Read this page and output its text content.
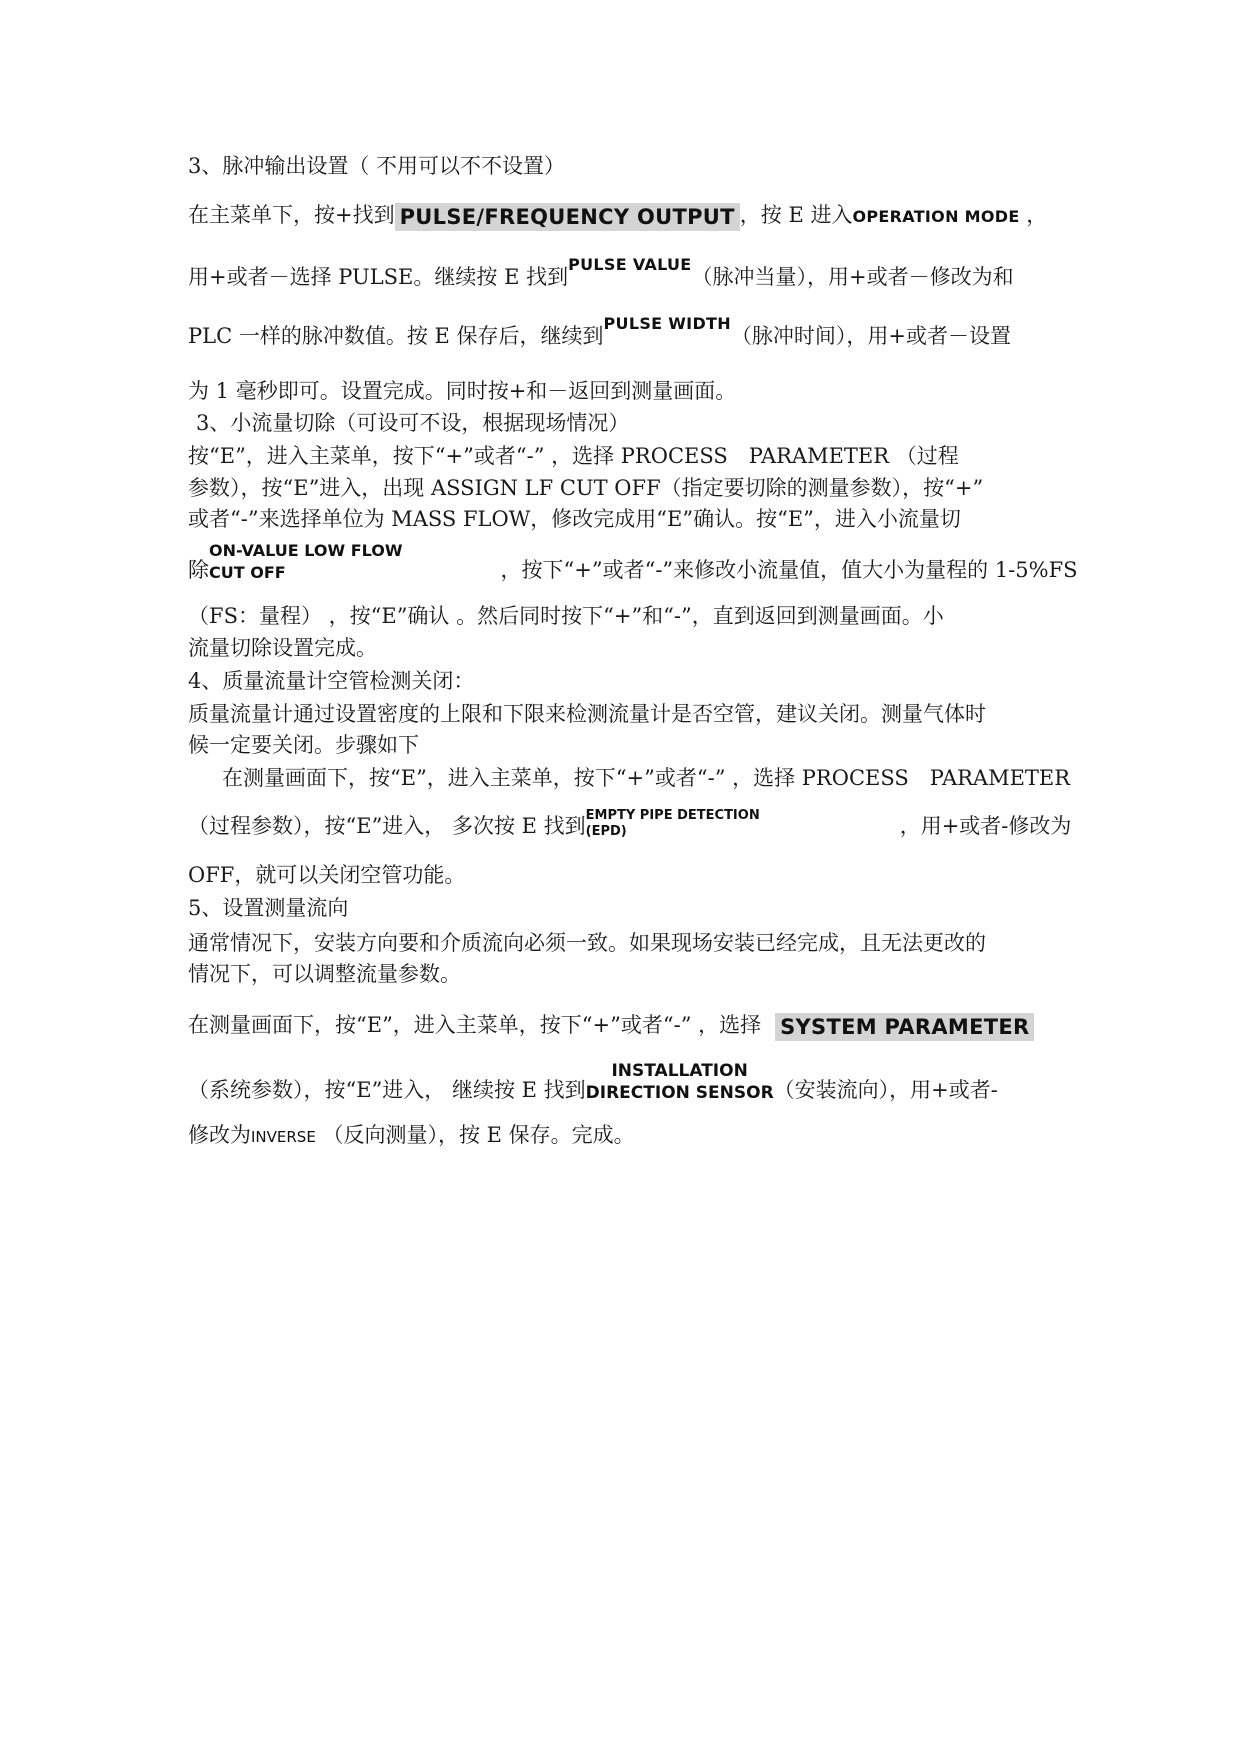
3、脉冲输出设置（ 不用可以不不设置）
在主菜单下，按+找到 PULSE/FREQUENCY OUTPUT ，按 E 进入OPERATION MODE ，
用+或者－选择 PULSE。继续按 E 找到PULSE VALUE（脉冲当量），用+或者－修改为和
PLC 一样的脉冲数值。按 E 保存后，继续到PULSE WIDTH（脉冲时间），用+或者－设置
为 1 毫秒即可。设置完成。同时按+和－返回到测量画面。
3、小流量切除（可设可不设，根据现场情况）
按“E”，进入主菜单，按下“+”或者“-” ，选择 PROCESS　PARAMETER （过程
参数），按“E”进入，出现 ASSIGN LF CUT OFF（指定要切除的测量参数），按“+”
或者“-”来选择单位为 MASS FLOW，修改完成用“E”确认。按“E”，进入小流量切
除
ON-VALUE LOW FLOW
CUT OFF	，按下“+”或者“-”来修改小流量值，值大小为量程的 1-5%FS
（FS：量程） ，按“E”确认 。然后同时按下“+”和“-”，直到返回到测量画面。小
流量切除设置完成。
4、质量流量计空管检测关闭：
质量流量计通过设置密度的上限和下限来检测流量计是否空管，建议关闭。测量气体时
候一定要关闭。步骤如下
在测量画面下，按“E”，进入主菜单，按下“+”或者“-” ，选择 PROCESS　PARAMETER
（过程参数），按“E”进入， 多次按 E 找到 EMPTY PIPE DETECTION
(EPD)	，用+或者-修改为
OFF，就可以关闭空管功能。
5、设置测量流向
通常情况下，安装方向要和介质流向必须一致。如果现场安装已经完成，且无法更改的
情况下，可以调整流量参数。
在测量画面下，按“E”，进入主菜单，按下“+”或者“-” ，选择 SYSTEM PARAMETER
（系统参数），按“E”进入， 继续按 E 找到
INSTALLATION
DIRECTION SENSOR （安装流向），用+或者-
修改为INVERSE （反向测量），按 E 保存。完成。
